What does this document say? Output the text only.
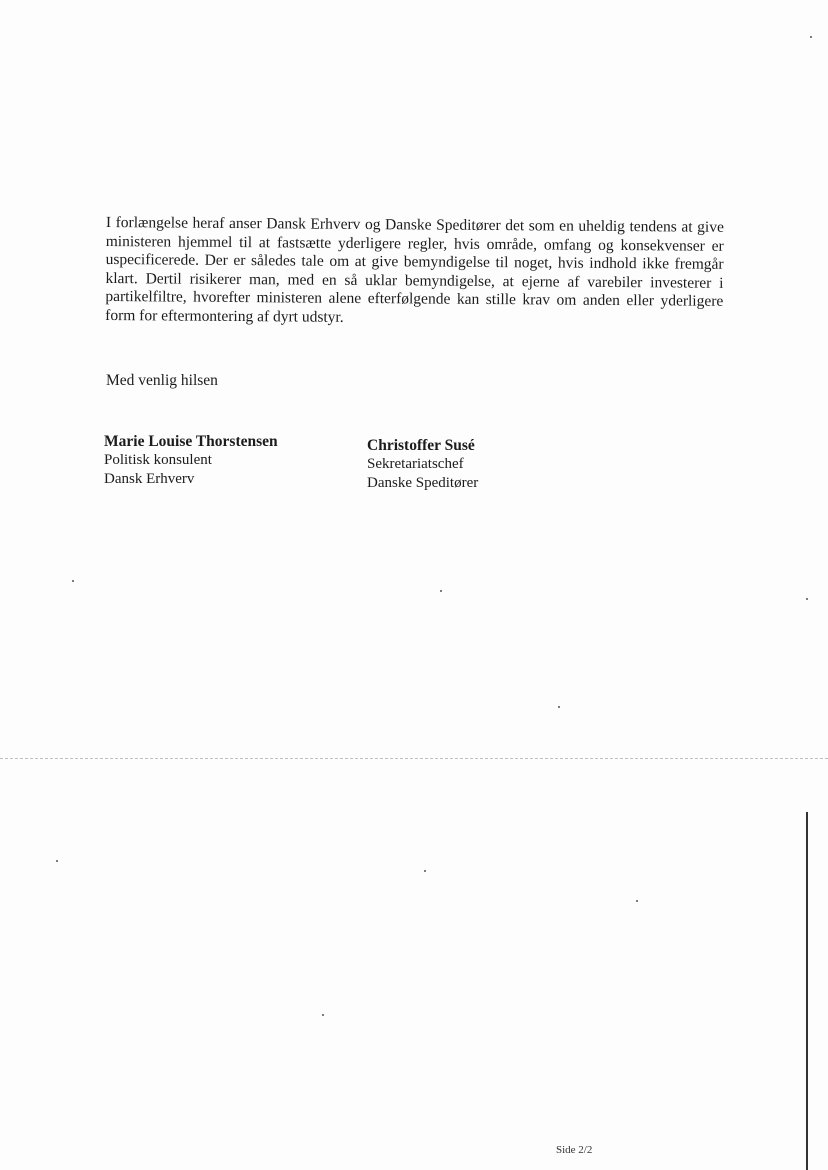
I forlængelse heraf anser Dansk Erhverv og Danske Speditører det som en uheldig tendens at give ministeren hjemmel til at fastsætte yderligere regler, hvis område, omfang og konsekvenser er uspecificerede. Der er således tale om at give bemyndigelse til noget, hvis indhold ikke fremgår klart. Dertil risikerer man, med en så uklar bemyndigelse, at ejerne af varebiler investerer i partikelfiltre, hvorefter ministeren alene efterfølgende kan stille krav om anden eller yderligere form for eftermontering af dyrt udstyr.

Med venlig hilsen

Marie Louise Thorstensen
Politisk konsulent
Dansk Erhverv
Christoffer Susé
Sekretariatschef
Danske Speditører
Side 2/2
